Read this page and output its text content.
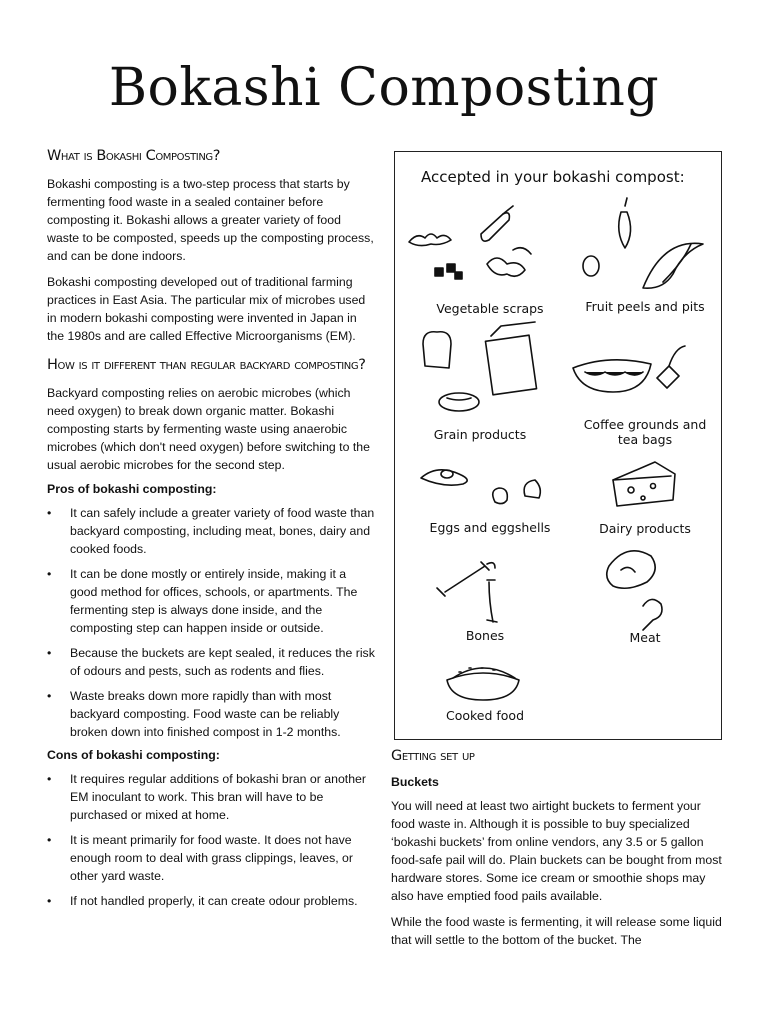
Bokashi Composting
What is Bokashi Composting?

Bokashi composting is a two-step process that starts by fermenting food waste in a sealed container before composting it. Bokashi allows a greater variety of food waste to be composted, speeds up the composting process, and can be done indoors.

Bokashi composting developed out of traditional farming practices in East Asia. The particular mix of microbes used in modern bokashi composting were invented in Japan in the 1980s and are called Effective Microorganisms (EM).

How is it different than regular backyard composting?

Backyard composting relies on aerobic microbes (which need oxygen) to break down organic matter. Bokashi composting starts by fermenting waste using anaerobic microbes (which don't need oxygen) before switching to the usual aerobic microbes for the second step.

Pros of bokashi composting:
• It can safely include a greater variety of food waste than backyard composting, including meat, bones, dairy and cooked foods.
• It can be done mostly or entirely inside, making it a good method for offices, schools, or apartments. The fermenting step is always done inside, and the composting step can happen inside or outside.
• Because the buckets are kept sealed, it reduces the risk of odours and pests, such as rodents and flies.
• Waste breaks down more rapidly than with most backyard composting. Food waste can be reliably broken down into finished compost in 1-2 months.
Cons of bokashi composting:
• It requires regular additions of bokashi bran or another EM inoculant to work. This bran will have to be purchased or mixed at home.
• It is meant primarily for food waste. It does not have enough room to deal with grass clippings, leaves, or other yard waste.
• If not handled properly, it can create odour problems.
Accepted in your bokashi compost:
Vegetable scraps	Fruit peels and pits
Grain products
Coffee grounds and
tea bags
Eggs and eggshells	Dairy products
Bones	Meat
Cooked food
Getting set up
Buckets

You will need at least two airtight buckets to ferment your food waste in. Although it is possible to buy specialized ‘bokashi buckets’ from online vendors, any 3.5 or 5 gallon food-safe pail will do. Plain buckets can be bought from most hardware stores. Some ice cream or smoothie shops may also have emptied food pails available.

While the food waste is fermenting, it will release some liquid that will settle to the bottom of the bucket. The
